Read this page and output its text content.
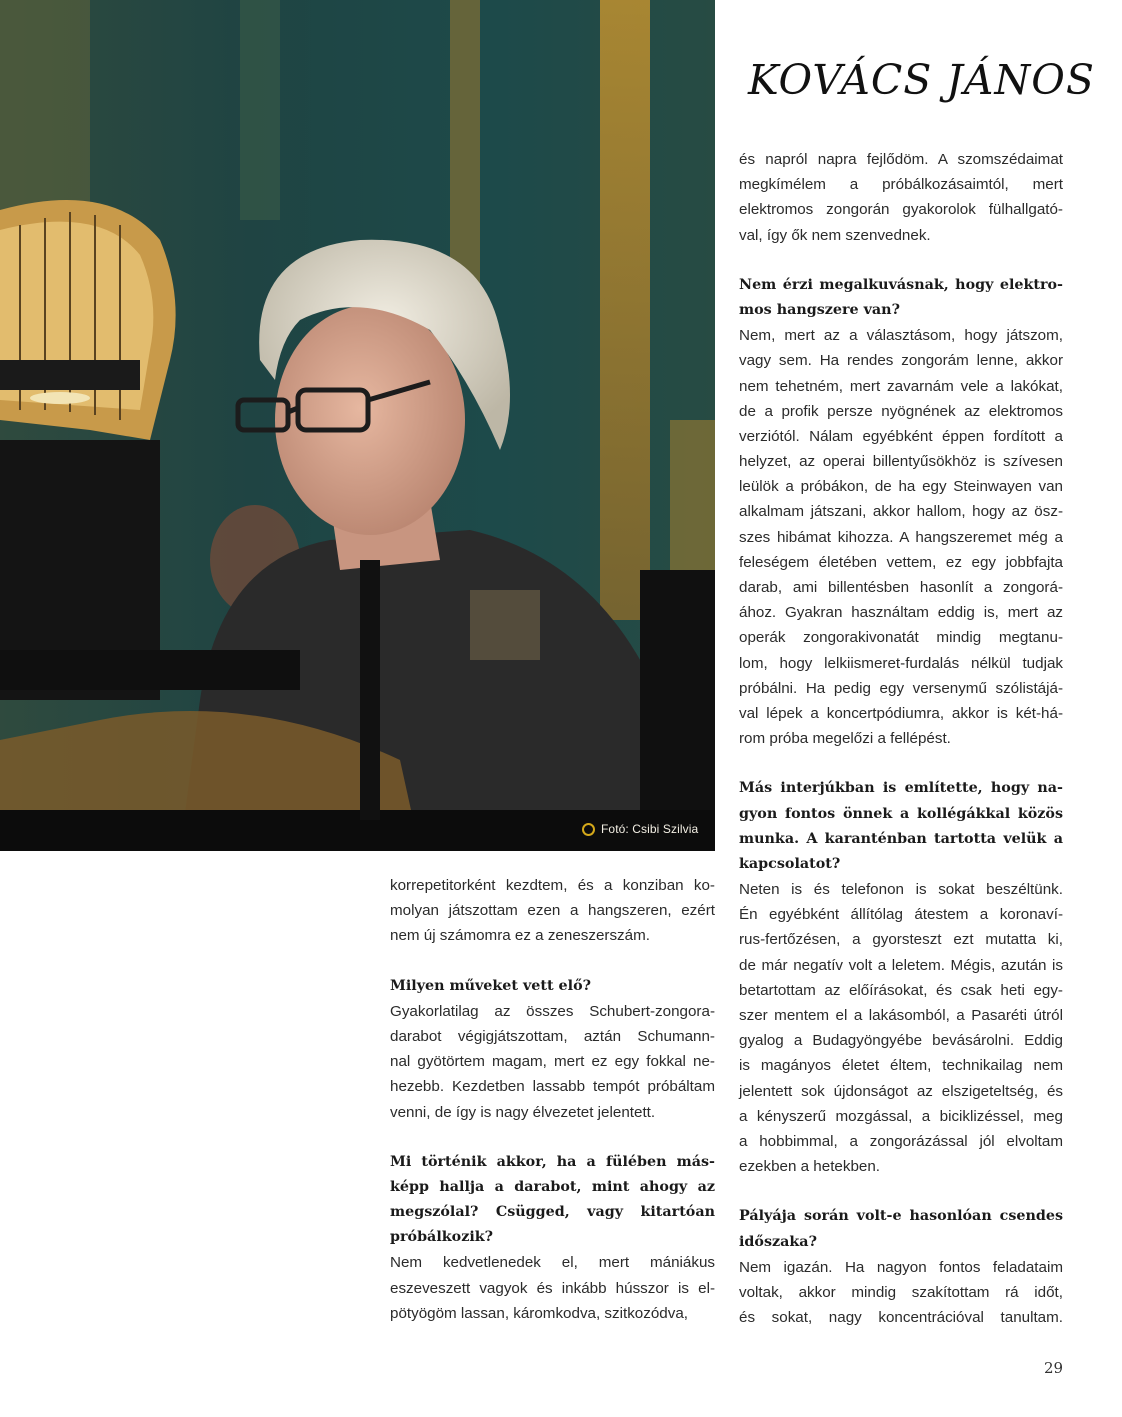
Fotó: Csibi Szilvia
KOVÁCS JÁNOS
korrepetitorként kezdtem, és a konziban ko-
molyan játszottam ezen a hangszeren, ezért
nem új számomra ez a zeneszerszám.
Milyen műveket vett elő?
Gyakorlatilag az összes Schubert-zongora-
darabot végigjátszottam, aztán Schumann-
nal gyötörtem magam, mert ez egy fokkal ne-
hezebb. Kezdetben lassabb tempót próbáltam
venni, de így is nagy élvezetet jelentett.
Mi történik akkor, ha a fülében más-
képp hallja a darabot, mint ahogy az
megszólal? Csügged, vagy kitartóan
próbálkozik?
Nem kedvetlenedek el, mert mániákus
eszeveszett vagyok és inkább hússzor is el-
pötyögöm lassan, káromkodva, szitkozódva,
és napról napra fejlődöm. A szomszédaimat
megkímélem a próbálkozásaimtól, mert
elektromos zongorán gyakorolok fülhallgató-
val, így ők nem szenvednek.
Nem érzi megalkuvásnak, hogy elektro-
mos hangszere van?
Nem, mert az a választásom, hogy játszom,
vagy sem. Ha rendes zongorám lenne, akkor
nem tehetném, mert zavarnám vele a lakókat,
de a profik persze nyögnének az elektromos
verziótól. Nálam egyébként éppen fordított a
helyzet, az operai billentyűsökhöz is szívesen
leülök a próbákon, de ha egy Steinwayen van
alkalmam játszani, akkor hallom, hogy az ösz-
szes hibámat kihozza. A hangszeremet még a
feleségem életében vettem, ez egy jobbfajta
darab, ami billentésben hasonlít a zongorá-
ához. Gyakran használtam eddig is, mert az
operák zongorakivonatát mindig megtanu-
lom, hogy lelkiismeret-furdalás nélkül tudjak
próbálni. Ha pedig egy versenymű szólistájá-
val lépek a koncertpódiumra, akkor is két-há-
rom próba megelőzi a fellépést.
Más interjúkban is említette, hogy na-
gyon fontos önnek a kollégákkal közös
munka. A karanténban tartotta velük a
kapcsolatot?
Neten is és telefonon is sokat beszéltünk.
Én egyébként állítólag átestem a koronaví-
rus-fertőzésen, a gyorsteszt ezt mutatta ki,
de már negatív volt a leletem. Mégis, azután is
betartottam az előírásokat, és csak heti egy-
szer mentem el a lakásomból, a Pasaréti útról
gyalog a Budagyöngyébe bevásárolni. Eddig
is magányos életet éltem, technikailag nem
jelentett sok újdonságot az elszigeteltség, és
a kényszerű mozgással, a biciklizéssel, meg
a hobbimmal, a zongorázással jól elvoltam
ezekben a hetekben.
Pályája során volt-e hasonlóan csendes
időszaka?
Nem igazán. Ha nagyon fontos feladataim
voltak, akkor mindig szakítottam rá időt,
és sokat, nagy koncentrációval tanultam.
29
